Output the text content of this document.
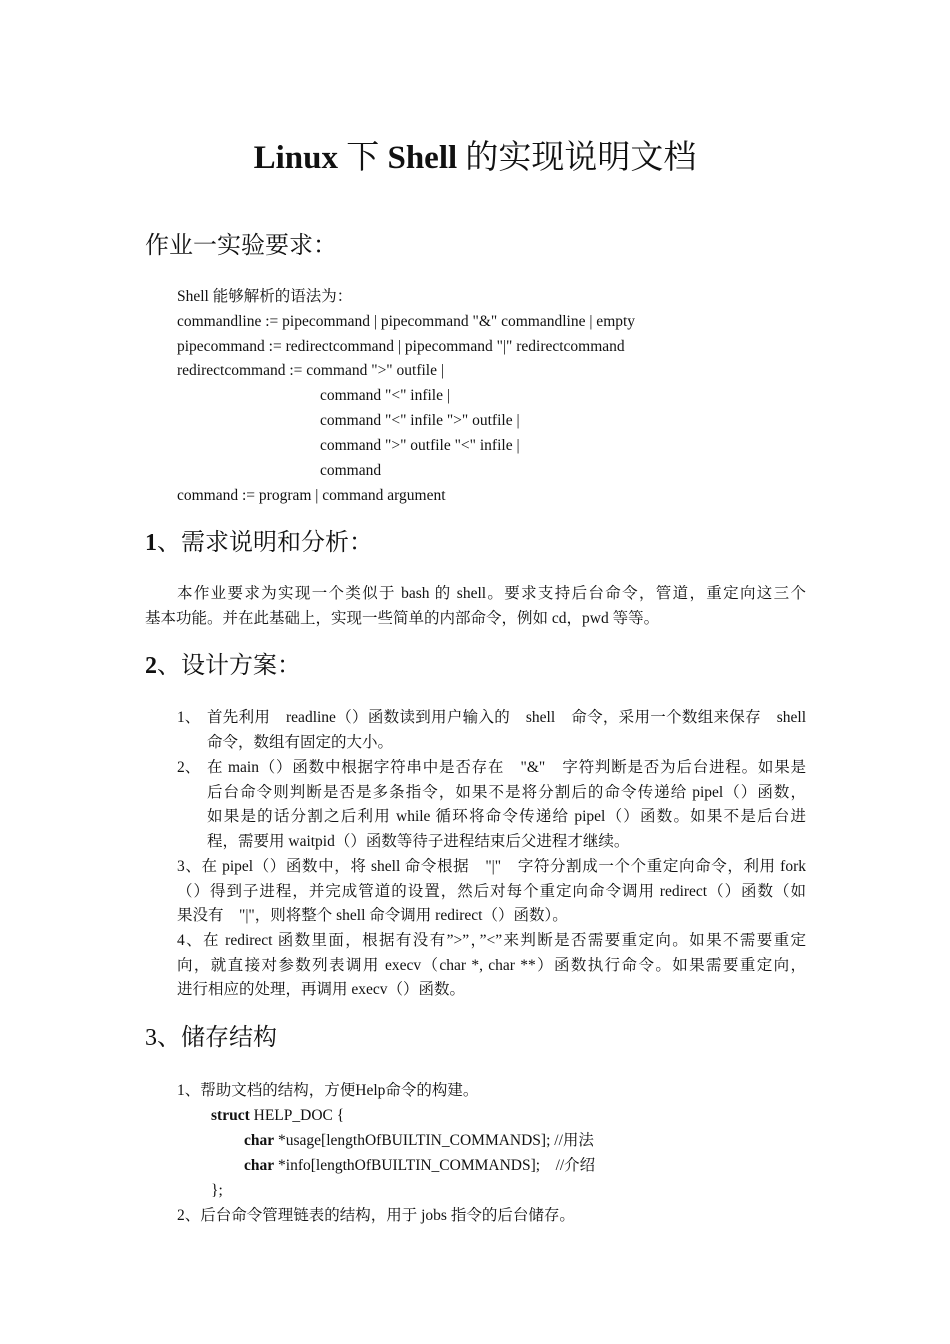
Linux 下 Shell 的实现说明文档
作业一实验要求：
Shell 能够解析的语法为：
commandline := pipecommand | pipecommand "&" commandline | empty
pipecommand := redirectcommand | pipecommand "|" redirectcommand
redirectcommand := command ">" outfile |
command "<" infile |
command "<" infile ">" outfile |
command ">" outfile "<" infile |
command
command := program | command argument
1、需求说明和分析：
本作业要求为实现一个类似于 bash 的 shell。要求支持后台命令，管道，重定向这三个
基本功能。并在此基础上，实现一些简单的内部命令，例如 cd，pwd 等等。
2、设计方案：
1、 首先利用　readline（）函数读到用户输入的　shell　命令，采用一个数组来保存　shell
命令，数组有固定的大小。
2、 在 main（）函数中根据字符串中是否存在　"&"　字符判断是否为后台进程。如果是
后台命令则判断是否是多条指令，如果不是将分割后的命令传递给 pipel（）函数，
如果是的话分割之后利用 while 循环将命令传递给 pipel（）函数。如果不是后台进
程，需要用 waitpid（）函数等待子进程结束后父进程才继续。
3、在 pipel（）函数中，将 shell 命令根据　"|"　字符分割成一个个重定向命令，利用 fork
（）得到子进程，并完成管道的设置，然后对每个重定向命令调用 redirect（）函数（如
果没有　"|"，则将整个 shell 命令调用 redirect（）函数）。
4、在 redirect 函数里面，根据有没有”>”，”<”来判断是否需要重定向。如果不需要重定
向，就直接对参数列表调用 execv（char *, char **）函数执行命令。如果需要重定向，
进行相应的处理，再调用 execv（）函数。
3、储存结构
1、帮助文档的结构，方便Help命令的构建。
struct HELP_DOC {
char *usage[lengthOfBUILTIN_COMMANDS]; //用法
char *info[lengthOfBUILTIN_COMMANDS];    //介绍
};
2、后台命令管理链表的结构，用于 jobs 指令的后台储存。
